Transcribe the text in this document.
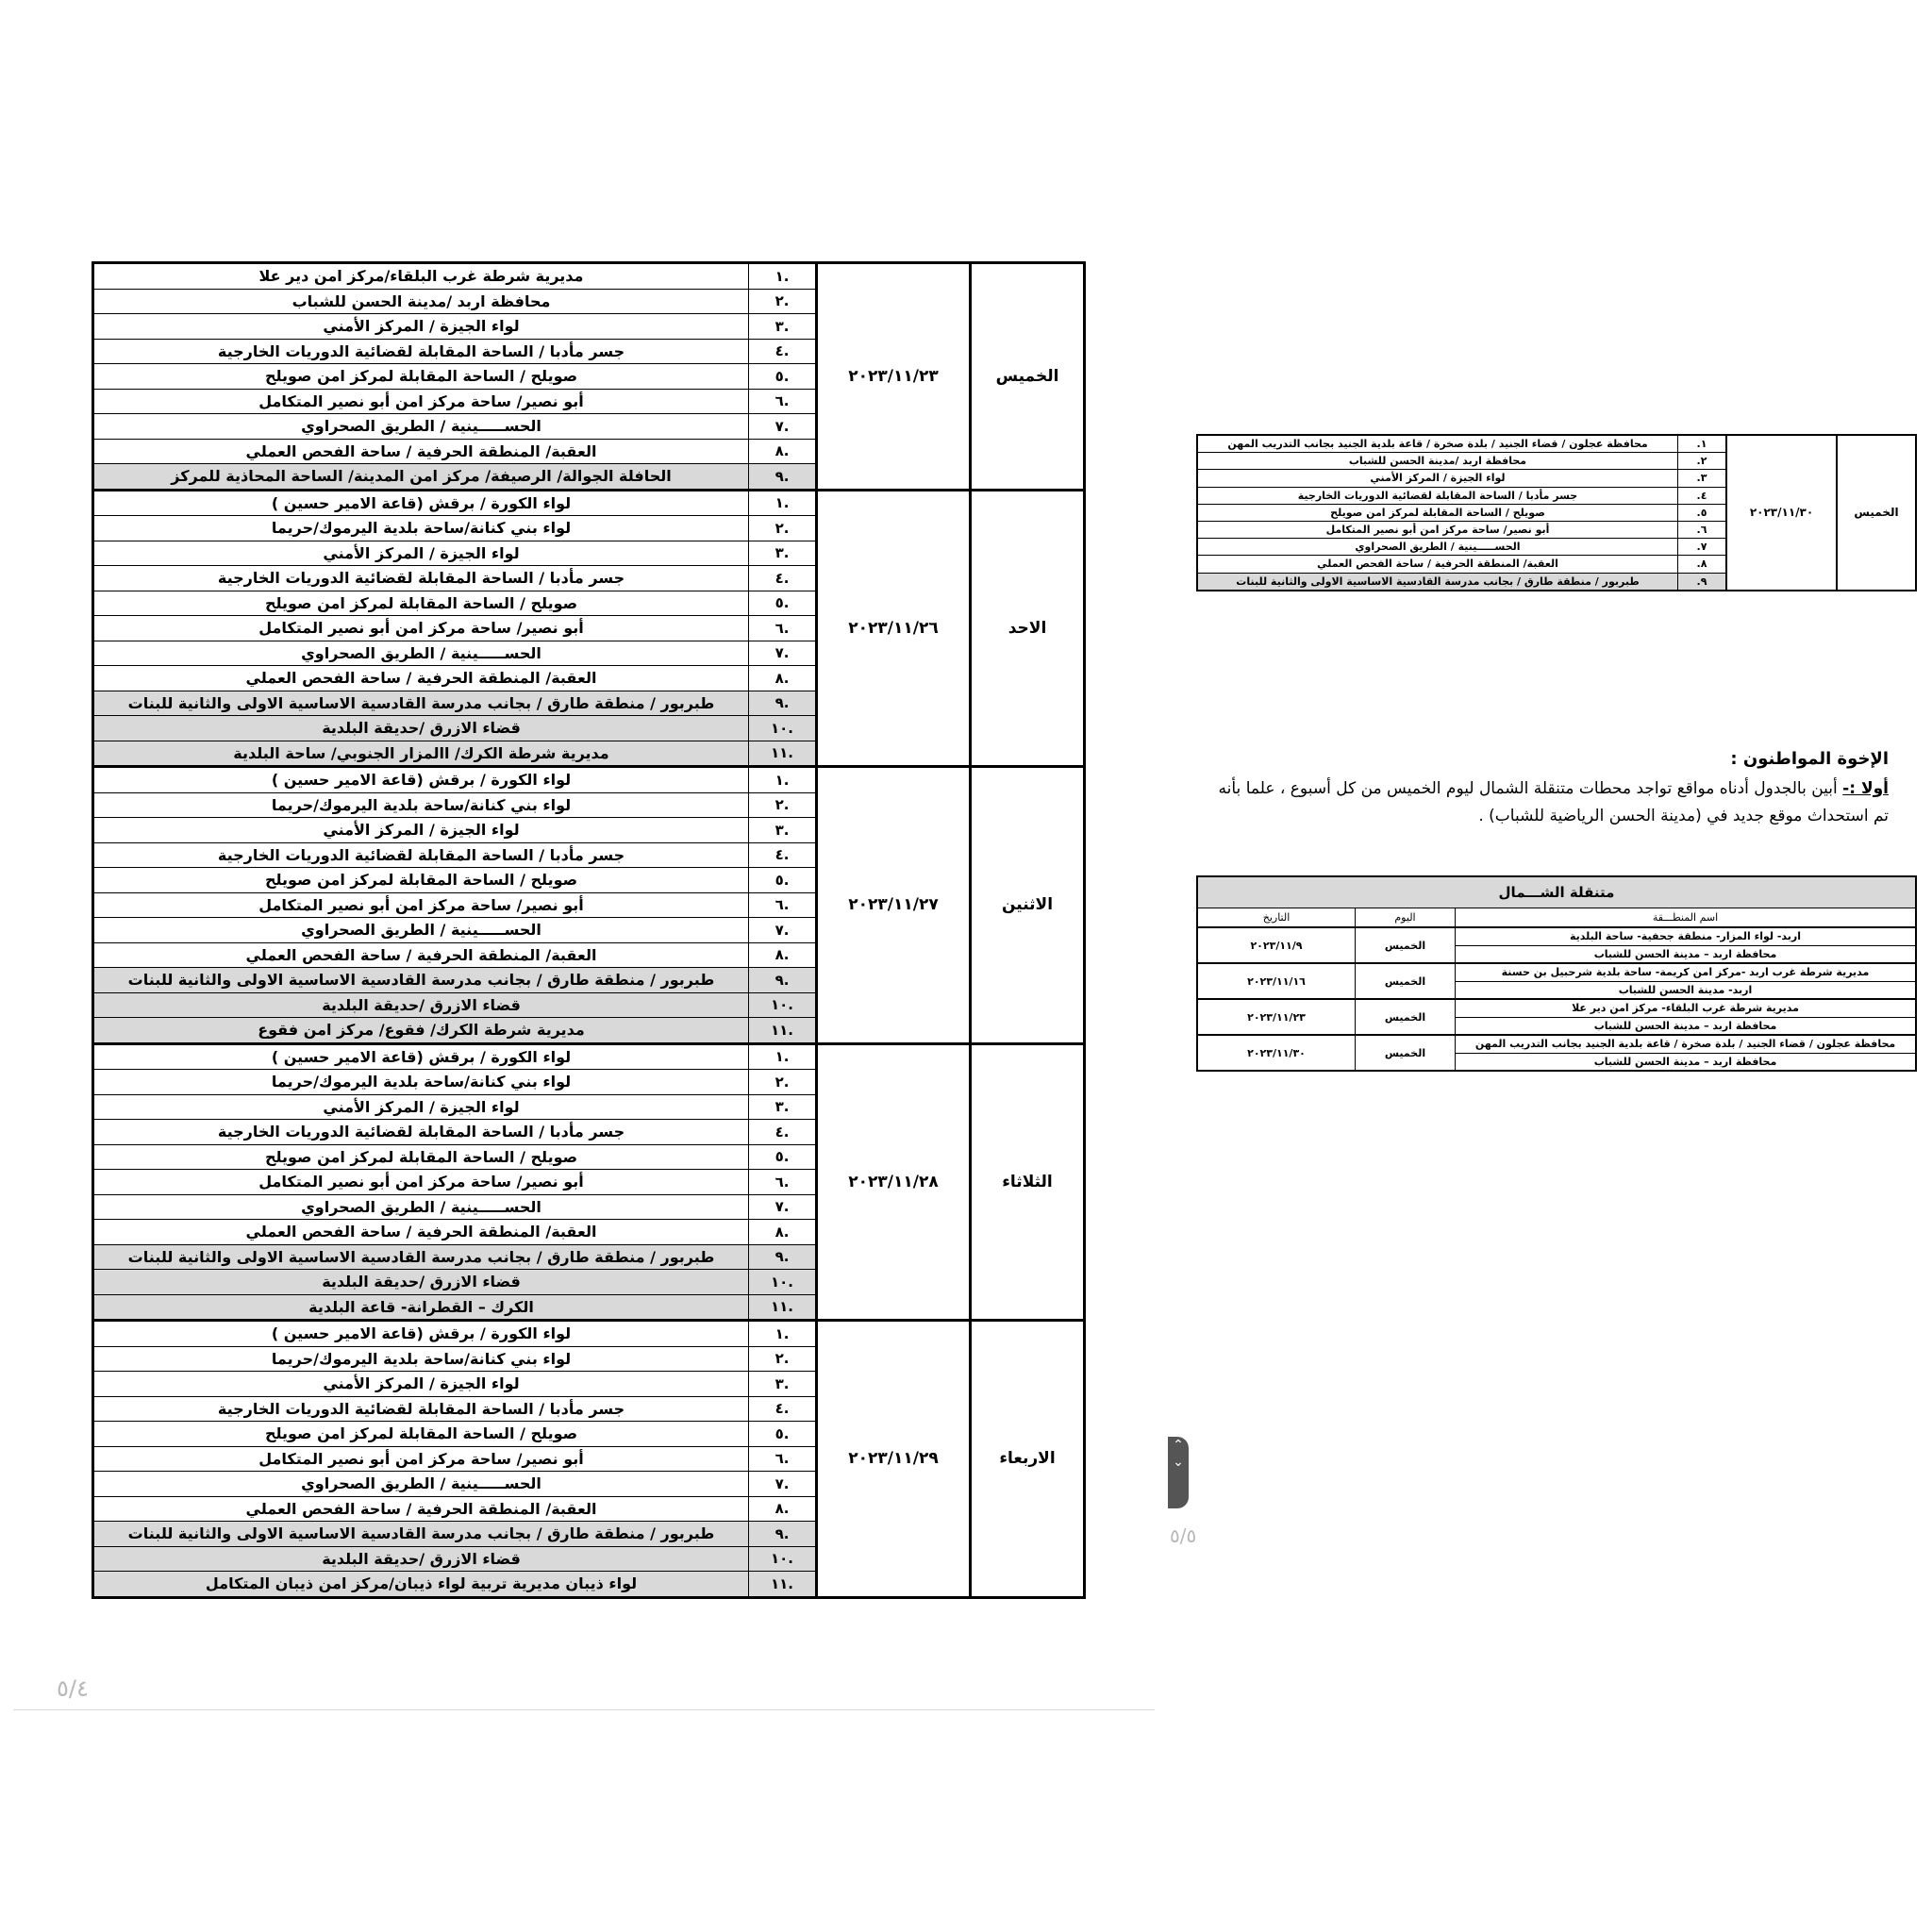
مديرية شرطة غرب البلقاء/مركز امن دير علا	.١	٢٠٢٣/١١/٢٣	الخميس
محافظة اربد /مدينة الحسن للشباب	.٢		
لواء الجيزة / المركز الأمني	.٣		
جسر مأدبا / الساحة المقابلة لقضائية الدوريات الخارجية	.٤		
صويلح / الساحة المقابلة لمركز امن صويلح	.٥		
أبو نصير/ ساحة مركز امن أبو نصير المتكامل	.٦		
الحســـــينية / الطريق الصحراوي	.٧		
العقبة/ المنطقة الحرفية / ساحة الفحص العملي	.٨		
الحافلة الجوالة/ الرصيفة/ مركز امن المدينة/ الساحة المحاذية للمركز	.٩		
لواء الكورة / برقش (قاعة الامير حسين )	.١	٢٠٢٣/١١/٢٦	الاحد
لواء بني كنانة/ساحة بلدية اليرموك/حريما	.٢		
لواء الجيزة / المركز الأمني	.٣		
جسر مأدبا / الساحة المقابلة لقضائية الدوريات الخارجية	.٤		
صويلح / الساحة المقابلة لمركز امن صويلح	.٥		
أبو نصير/ ساحة مركز امن أبو نصير المتكامل	.٦		
الحســـــينية / الطريق الصحراوي	.٧		
العقبة/ المنطقة الحرفية / ساحة الفحص العملي	.٨		
طبربور / منطقة طارق / بجانب مدرسة القادسية الاساسية الاولى والثانية للبنات	.٩		
قضاء الازرق /حديقة البلدية	.١٠		
مديرية شرطة الكرك/ االمزار الجنوبي/ ساحة البلدية	.١١		
لواء الكورة / برقش (قاعة الامير حسين )	.١	٢٠٢٣/١١/٢٧	الاثنين
لواء بني كنانة/ساحة بلدية اليرموك/حريما	.٢		
لواء الجيزة / المركز الأمني	.٣		
جسر مأدبا / الساحة المقابلة لقضائية الدوريات الخارجية	.٤		
صويلح / الساحة المقابلة لمركز امن صويلح	.٥		
أبو نصير/ ساحة مركز امن أبو نصير المتكامل	.٦		
الحســـــينية / الطريق الصحراوي	.٧		
العقبة/ المنطقة الحرفية / ساحة الفحص العملي	.٨		
طبربور / منطقة طارق / بجانب مدرسة القادسية الاساسية الاولى والثانية للبنات	.٩		
قضاء الازرق /حديقة البلدية	.١٠		
مديرية شرطة الكرك/ فقوع/ مركز امن فقوع	.١١		
لواء الكورة / برقش (قاعة الامير حسين )	.١	٢٠٢٣/١١/٢٨	الثلاثاء
لواء بني كنانة/ساحة بلدية اليرموك/حريما	.٢		
لواء الجيزة / المركز الأمني	.٣		
جسر مأدبا / الساحة المقابلة لقضائية الدوريات الخارجية	.٤		
صويلح / الساحة المقابلة لمركز امن صويلح	.٥		
أبو نصير/ ساحة مركز امن أبو نصير المتكامل	.٦		
الحســـــينية / الطريق الصحراوي	.٧		
العقبة/ المنطقة الحرفية / ساحة الفحص العملي	.٨		
طبربور / منطقة طارق / بجانب مدرسة القادسية الاساسية الاولى والثانية للبنات	.٩		
قضاء الازرق /حديقة البلدية	.١٠		
الكرك – القطرانة- قاعة البلدية	.١١		
لواء الكورة / برقش (قاعة الامير حسين )	.١	٢٠٢٣/١١/٢٩	الاربعاء
لواء بني كنانة/ساحة بلدية اليرموك/حريما	.٢		
لواء الجيزة / المركز الأمني	.٣		
جسر مأدبا / الساحة المقابلة لقضائية الدوريات الخارجية	.٤		
صويلح / الساحة المقابلة لمركز امن صويلح	.٥		
أبو نصير/ ساحة مركز امن أبو نصير المتكامل	.٦		
الحســـــينية / الطريق الصحراوي	.٧		
العقبة/ المنطقة الحرفية / ساحة الفحص العملي	.٨		
طبربور / منطقة طارق / بجانب مدرسة القادسية الاساسية الاولى والثانية للبنات	.٩		
قضاء الازرق /حديقة البلدية	.١٠		
لواء ذيبان مديرية تربية لواء ذيبان/مركز امن ذيبان المتكامل	.١١		
محافظة عجلون / قضاء الجنيد / بلدة صخرة / قاعة بلدية الجنيد بجانب التدريب المهن	.١	٢٠٢٣/١١/٣٠	الخميس
محافظة اربد /مدينة الحسن للشباب	.٢		
لواء الجيزة / المركز الأمني	.٣		
جسر مأدبا / الساحة المقابلة لقضائية الدوريات الخارجية	.٤		
صويلح / الساحة المقابلة لمركز امن صويلح	.٥		
أبو نصير/ ساحة مركز امن أبو نصير المتكامل	.٦		
الحســـــينية / الطريق الصحراوي	.٧		
العقبة/ المنطقة الحرفية / ساحة الفحص العملي	.٨		
طبربور / منطقة طارق / بجانب مدرسة القادسية الاساسية الاولى والثانية للبنات	.٩		
الإخوة المواطنون :
أولا :- أبين بالجدول أدناه مواقع تواجد محطات متنقلة الشمال ليوم الخميس من كل أسبوع ، علما بأنه
تم استحداث موقع جديد في (مدينة الحسن الرياضية للشباب) .
متنقلة الشـــمال		
التاريخ	اليوم	اسم المنطـــقة
٢٠٢٣/١١/٩	الخميس	اربد- لواء المزار- منطقة جحفية- ساحة البلدية
		محافظة اربد – مدينة الحسن للشباب
٢٠٢٣/١١/١٦	الخميس	مديرية شرطة غرب اربد -مركز امن كريمة- ساحة بلدية شرحبيل بن حسنة
		اربد- مدينة الحسن للشباب
٢٠٢٣/١١/٢٣	الخميس	مديرية شرطة غرب البلقاء- مركز امن دير علا
		محافظة اربد – مدينة الحسن للشباب
٢٠٢٣/١١/٣٠	الخميس	محافظة عجلون / قضاء الجنيد / بلدة صخرة / قاعة بلدية الجنيد بجانب التدريب المهن
		محافظة اربد – مدينة الحسن للشباب
⌃
⌄
٥/٥
٥/٤
